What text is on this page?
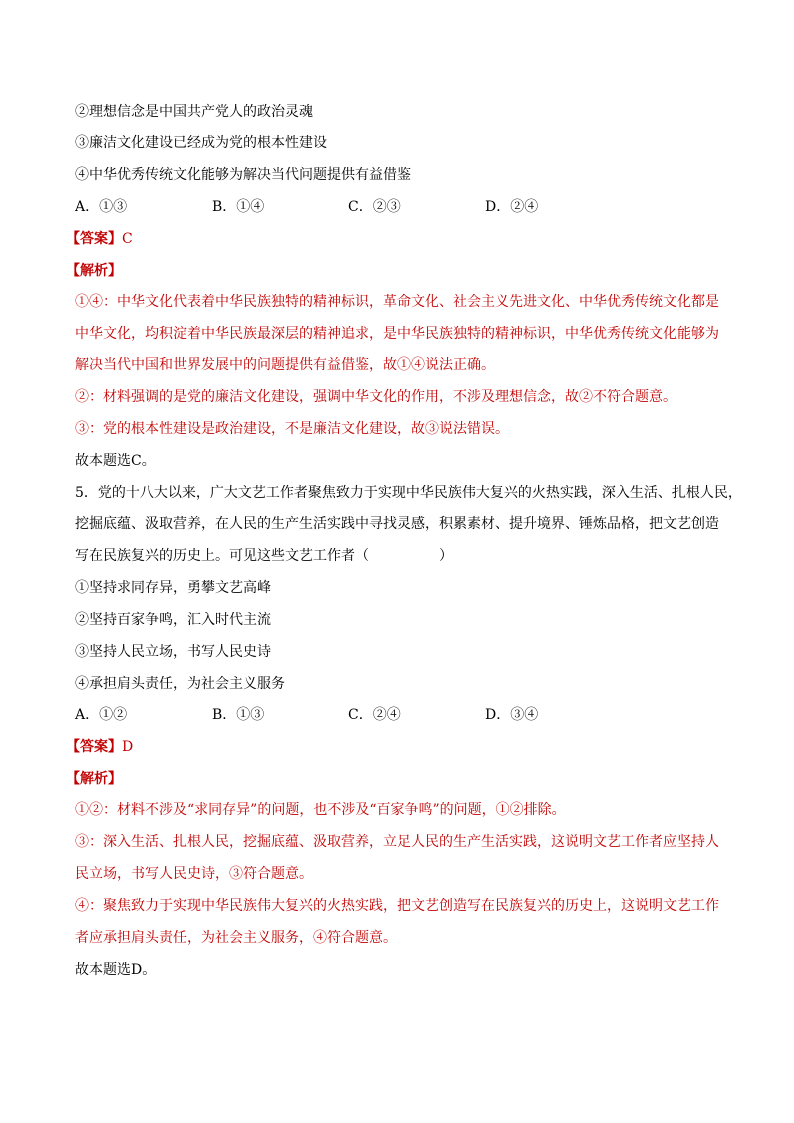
②理想信念是中国共产党人的政治灵魂
③廉洁文化建设已经成为党的根本性建设
④中华优秀传统文化能够为解决当代问题提供有益借鉴
A．①③	B．①④	C．②③	D．②④
【答案】C
【解析】
①④：中华文化代表着中华民族独特的精神标识，革命文化、社会主义先进文化、中华优秀传统文化都是
中华文化，均积淀着中华民族最深层的精神追求，是中华民族独特的精神标识，中华优秀传统文化能够为
解决当代中国和世界发展中的问题提供有益借鉴，故①④说法正确。
②：材料强调的是党的廉洁文化建设，强调中华文化的作用，不涉及理想信念，故②不符合题意。
③：党的根本性建设是政治建设，不是廉洁文化建设，故③说法错误。
故本题选C。
5．党的十八大以来，广大文艺工作者聚焦致力于实现中华民族伟大复兴的火热实践，深入生活、扎根人民，
挖掘底蕴、汲取营养，在人民的生产生活实践中寻找灵感，积累素材、提升境界、锤炼品格，把文艺创造
写在民族复兴的历史上。可见这些文艺工作者（　　　　　）
①坚持求同存异，勇攀文艺高峰
②坚持百家争鸣，汇入时代主流
③坚持人民立场，书写人民史诗
④承担肩头责任，为社会主义服务
A．①②	B．①③	C．②④	D．③④
【答案】D
【解析】
①②：材料不涉及“求同存异”的问题，也不涉及“百家争鸣”的问题，①②排除。
③：深入生活、扎根人民，挖掘底蕴、汲取营养，立足人民的生产生活实践，这说明文艺工作者应坚持人
民立场，书写人民史诗，③符合题意。
④：聚焦致力于实现中华民族伟大复兴的火热实践，把文艺创造写在民族复兴的历史上，这说明文艺工作
者应承担肩头责任，为社会主义服务，④符合题意。
故本题选D。
